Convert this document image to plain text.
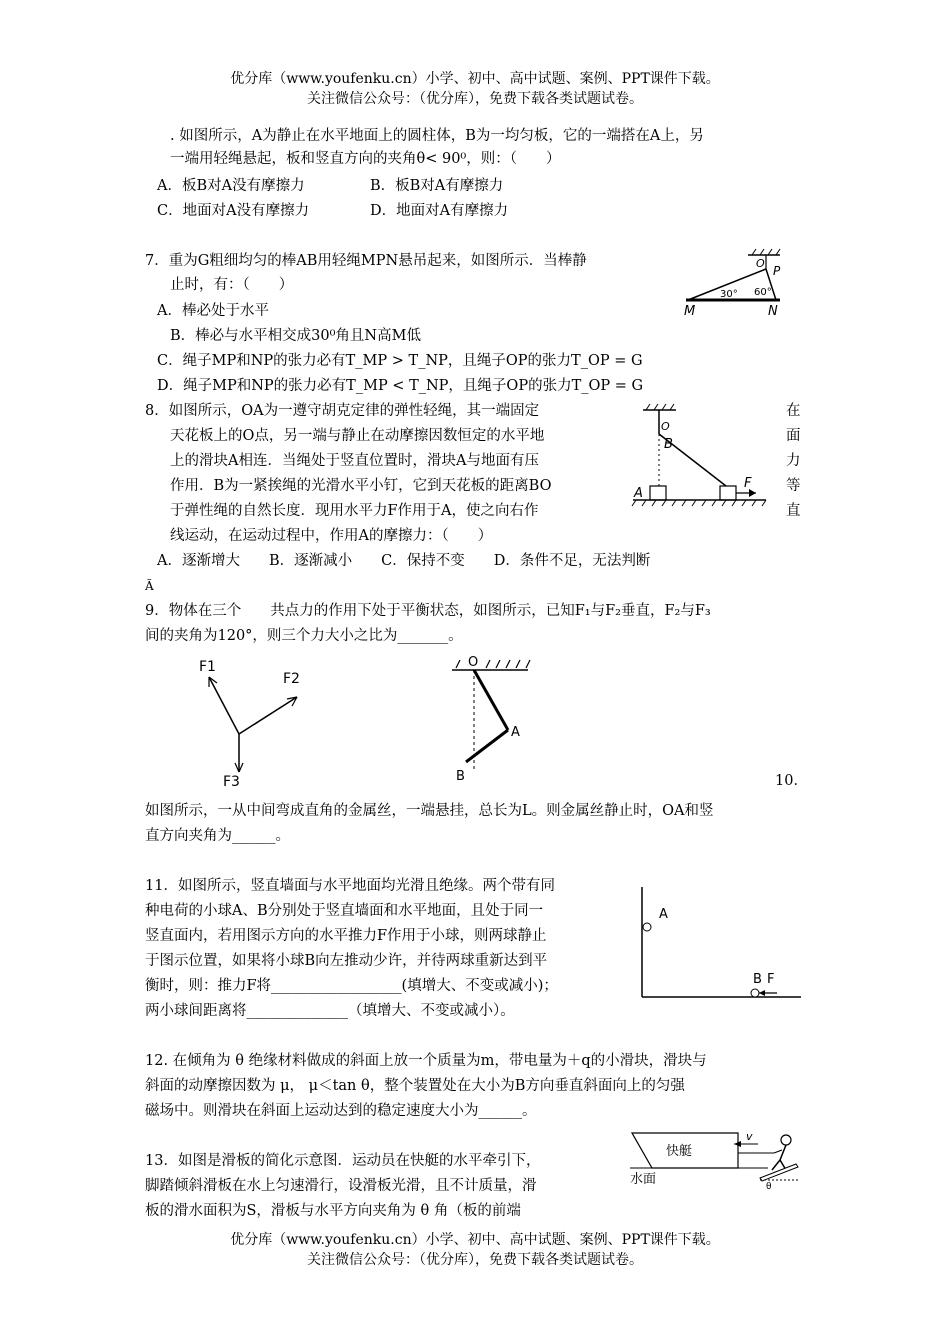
优分库（www.youfenku.cn）小学、初中、高中试题、案例、PPT课件下载。
关注微信公众号：（优分库），免费下载各类试题试卷。
. 如图所示，A为静止在水平地面上的圆柱体，B为一均匀板，它的一端搭在A上，另
一端用轻绳悬起，板和竖直方向的夹角θ< 90⁰，则：（　　）
A．板B对A没有摩擦力	B．板B对A有摩擦力
C．地面对A没有摩擦力	D．地面对A有摩擦力
7．重为G粗细均匀的棒AB用轻绳MPN悬吊起来，如图所示．当棒静
止时，有：（　　）
A．棒必处于水平
B．棒必与水平相交成30⁰角且N高M低
C．绳子MP和NP的张力必有T_MP > T_NP，且绳子OP的张力T_OP = G
D．绳子MP和NP的张力必有T_MP < T_NP，且绳子OP的张力T_OP = G
O
P
30° 60°
M	N
8．如图所示，OA为一遵守胡克定律的弹性轻绳，其一端固定
天花板上的O点，另一端与静止在动摩擦因数恒定的水平地
上的滑块A相连．当绳处于竖直位置时，滑块A与地面有压
作用．B为一紧挨绳的光滑水平小钉，它到天花板的距离BO
于弹性绳的自然长度．现用水平力F作用于A，使之向右作
线运动，在运动过程中，作用A的摩擦力：（　　）
在
面
力
等
直
A．逐渐增大　　B．逐渐减小　　C．保持不变　　D．条件不足，无法判断
Ã
O
B
A
F
9．物体在三个　　共点力的作用下处于平衡状态，如图所示，已知F₁与F₂垂直，F₂与F₃
间的夹角为120°，则三个力大小之比为_______。
F1
F2
F3
O
A
B	10．
如图所示，一从中间弯成直角的金属丝，一端悬挂，总长为L。则金属丝静止时，OA和竖
直方向夹角为______。
11．如图所示，竖直墙面与水平地面均光滑且绝缘。两个带有同
种电荷的小球A、B分别处于竖直墙面和水平地面，且处于同一
竖直面内，若用图示方向的水平推力F作用于小球，则两球静止
于图示位置，如果将小球B向左推动少许，并待两球重新达到平
衡时，则：推力F将__________________(填增大、不变或减小)；
两小球间距离将______________（填增大、不变或减小）。
A
B F
12. 在倾角为 θ 绝缘材料做成的斜面上放一个质量为m，带电量为＋q的小滑块，滑块与
斜面的动摩擦因数为 μ， μ＜tan θ，整个装置处在大小为B方向垂直斜面向上的匀强
磁场中。则滑块在斜面上运动达到的稳定速度大小为______。
13．如图是滑板的简化示意图．运动员在快艇的水平牵引下，
脚踏倾斜滑板在水上匀速滑行，设滑板光滑，且不计质量，滑
板的滑水面积为S，滑板与水平方向夹角为 θ 角（板的前端
快艇
水面
v
θ
优分库（www.youfenku.cn）小学、初中、高中试题、案例、PPT课件下载。
关注微信公众号：（优分库），免费下载各类试题试卷。
